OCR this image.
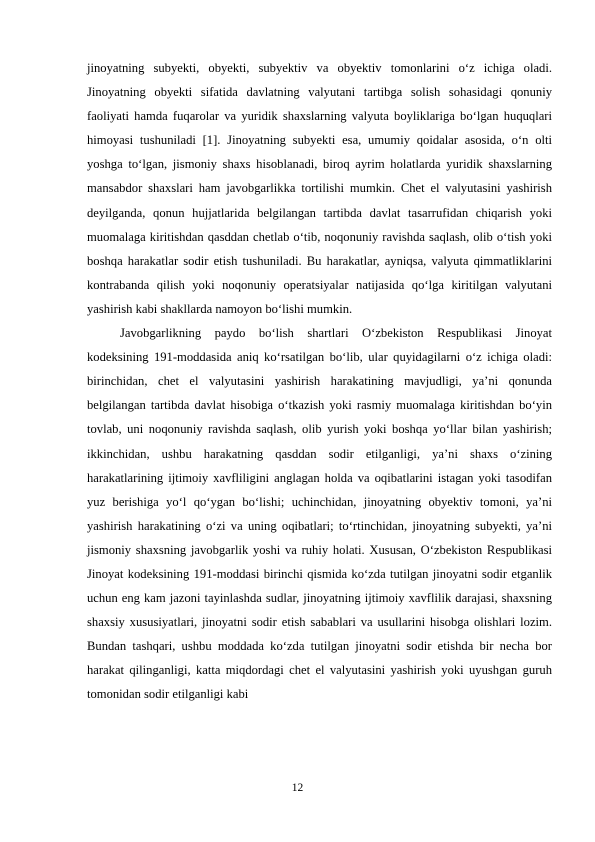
jinoyatning subyekti, obyekti, subyektiv va obyektiv tomonlarini o‘z ichiga oladi. Jinoyatning obyekti sifatida davlatning valyutani tartibga solish sohasidagi qonuniy faoliyati hamda fuqarolar va yuridik shaxslarning valyuta boyliklariga bo‘lgan huquqlari himoyasi tushuniladi [1]. Jinoyatning subyekti esa, umumiy qoidalar asosida, o‘n olti yoshga to‘lgan, jismoniy shaxs hisoblanadi, biroq ayrim holatlarda yuridik shaxslarning mansabdor shaxslari ham javobgarlikka tortilishi mumkin. Chet el valyutasini yashirish deyilganda, qonun hujjatlarida belgilangan tartibda davlat tasarrufidan chiqarish yoki muomalaga kiritishdan qasddan chetlab o‘tib, noqonuniy ravishda saqlash, olib o‘tish yoki boshqa harakatlar sodir etish tushuniladi. Bu harakatlar, ayniqsa, valyuta qimmatliklarini kontrabanda qilish yoki noqonuniy operatsiyalar natijasida qo‘lga kiritilgan valyutani yashirish kabi shakllarda namoyon bo‘lishi mumkin.

Javobgarlikning paydo bo‘lish shartlari O‘zbekiston Respublikasi Jinoyat kodeksining 191-moddasida aniq ko‘rsatilgan bo‘lib, ular quyidagilarni o‘z ichiga oladi: birinchidan, chet el valyutasini yashirish harakatining mavjudligi, ya’ni qonunda belgilangan tartibda davlat hisobiga o‘tkazish yoki rasmiy muomalaga kiritishdan bo‘yin tovlab, uni noqonuniy ravishda saqlash, olib yurish yoki boshqa yo‘llar bilan yashirish; ikkinchidan, ushbu harakatning qasddan sodir etilganligi, ya’ni shaxs o‘zining harakatlarining ijtimoiy xavfliligini anglagan holda va oqibatlarini istagan yoki tasodifan yuz berishiga yo‘l qo‘ygan bo‘lishi; uchinchidan, jinoyatning obyektiv tomoni, ya’ni yashirish harakatining o‘zi va uning oqibatlari; to‘rtinchidan, jinoyatning subyekti, ya’ni jismoniy shaxsning javobgarlik yoshi va ruhiy holati. Xususan, O‘zbekiston Respublikasi Jinoyat kodeksining 191-moddasi birinchi qismida ko‘zda tutilgan jinoyatni sodir etganlik uchun eng kam jazoni tayinlashda sudlar, jinoyatning ijtimoiy xavflilik darajasi, shaxsning shaxsiy xususiyatlari, jinoyatni sodir etish sabablari va usullarini hisobga olishlari lozim. Bundan tashqari, ushbu moddada ko‘zda tutilgan jinoyatni sodir etishda bir necha bor harakat qilinganligi, katta miqdordagi chet el valyutasini yashirish yoki uyushgan guruh tomonidan sodir etilganligi kabi

12
